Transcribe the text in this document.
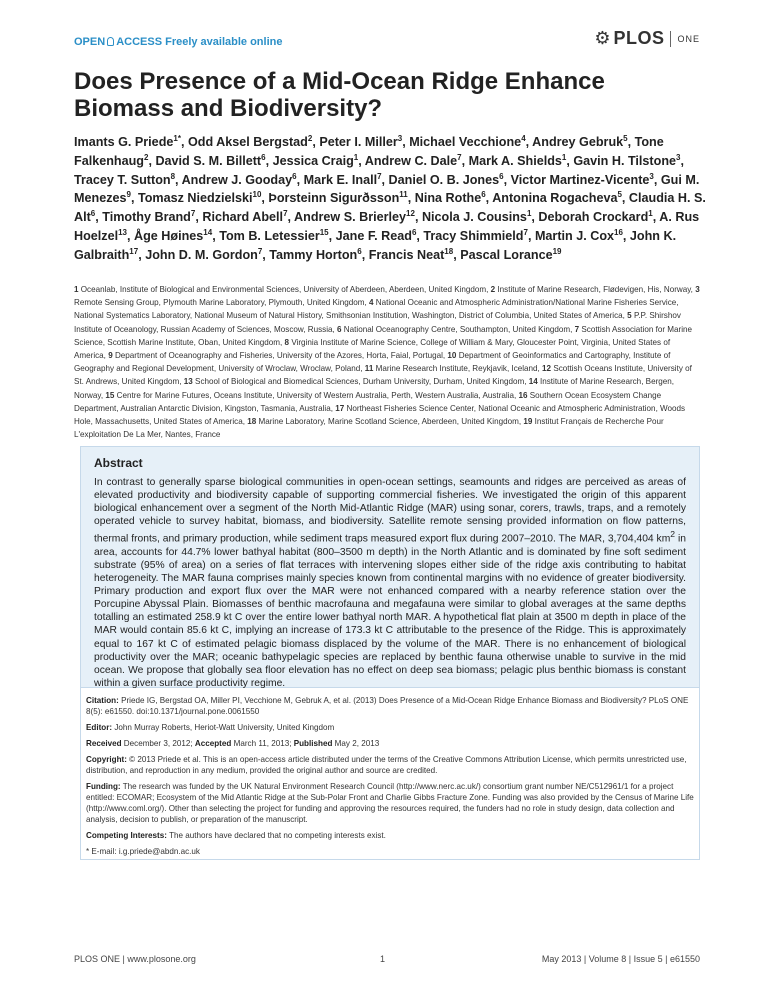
OPEN ACCESS Freely available online	⚙ PLOS ONE
Does Presence of a Mid-Ocean Ridge Enhance Biomass and Biodiversity?

Imants G. Priede$^{1*}$, Odd Aksel Bergstad$^2$, Peter I. Miller$^3$, Michael Vecchione$^4$, Andrey Gebruk$^5$, Tone Falkenhaug$^2$, David S. M. Billett$^6$, Jessica Craig$^1$, Andrew C. Dale$^7$, Mark A. Shields$^1$, Gavin H. Tilstone$^3$, Tracey T. Sutton$^8$, Andrew J. Gooday$^6$, Mark E. Inall$^7$, Daniel O. B. Jones$^6$, Victor Martinez-Vicente$^3$, Gui M. Menezes$^9$, Tomasz Niedzielski$^{10}$, Þorsteinn Sigurðsson$^{11}$, Nina Rothe$^6$, Antonina Rogacheva$^5$, Claudia H. S. Alt$^6$, Timothy Brand$^7$, Richard Abell$^7$, Andrew S. Brierley$^{12}$, Nicola J. Cousins$^1$, Deborah Crockard$^1$, A. Rus Hoelzel$^{13}$, Åge Høines$^{14}$, Tom B. Letessier$^{15}$, Jane F. Read$^6$, Tracy Shimmield$^7$, Martin J. Cox$^{16}$, John K. Galbraith$^{17}$, John D. M. Gordon$^7$, Tammy Horton$^6$, Francis Neat$^{18}$, Pascal Lorance$^{19}$

1 Oceanlab, Institute of Biological and Environmental Sciences, University of Aberdeen, Aberdeen, United Kingdom, 2 Institute of Marine Research, Flødevigen, His, Norway, 3 Remote Sensing Group, Plymouth Marine Laboratory, Plymouth, United Kingdom, 4 National Oceanic and Atmospheric Administration/National Marine Fisheries Service, National Systematics Laboratory, National Museum of Natural History, Smithsonian Institution, Washington, District of Columbia, United States of America, 5 P.P. Shirshov Institute of Oceanology, Russian Academy of Sciences, Moscow, Russia, 6 National Oceanography Centre, Southampton, United Kingdom, 7 Scottish Association for Marine Science, Scottish Marine Institute, Oban, United Kingdom, 8 Virginia Institute of Marine Science, College of William & Mary, Gloucester Point, Virginia, United States of America, 9 Department of Oceanography and Fisheries, University of the Azores, Horta, Faial, Portugal, 10 Department of Geoinformatics and Cartography, Institute of Geography and Regional Development, University of Wroclaw, Wroclaw, Poland, 11 Marine Research Institute, Reykjavik, Iceland, 12 Scottish Oceans Institute, University of St. Andrews, United Kingdom, 13 School of Biological and Biomedical Sciences, Durham University, Durham, United Kingdom, 14 Institute of Marine Research, Bergen, Norway, 15 Centre for Marine Futures, Oceans Institute, University of Western Australia, Perth, Western Australia, Australia, 16 Southern Ocean Ecosystem Change Department, Australian Antarctic Division, Kingston, Tasmania, Australia, 17 Northeast Fisheries Science Center, National Oceanic and Atmospheric Administration, Woods Hole, Massachusetts, United States of America, 18 Marine Laboratory, Marine Scotland Science, Aberdeen, United Kingdom, 19 Institut Français de Recherche Pour L'exploitation De La Mer, Nantes, France

Abstract

In contrast to generally sparse biological communities in open-ocean settings, seamounts and ridges are perceived as areas of elevated productivity and biodiversity capable of supporting commercial fisheries. We investigated the origin of this apparent biological enhancement over a segment of the North Mid-Atlantic Ridge (MAR) using sonar, corers, trawls, traps, and a remotely operated vehicle to survey habitat, biomass, and biodiversity. Satellite remote sensing provided information on flow patterns, thermal fronts, and primary production, while sediment traps measured export flux during 2007–2010. The MAR, 3,704,404 $km^2$ in area, accounts for 44.7% lower bathyal habitat (800–3500 m depth) in the North Atlantic and is dominated by fine soft sediment substrate (95% of area) on a series of flat terraces with intervening slopes either side of the ridge axis contributing to habitat heterogeneity. The MAR fauna comprises mainly species known from continental margins with no evidence of greater biodiversity. Primary production and export flux over the MAR were not enhanced compared with a nearby reference station over the Porcupine Abyssal Plain. Biomasses of benthic macrofauna and megafauna were similar to global averages at the same depths totalling an estimated 258.9 kt C over the entire lower bathyal north MAR. A hypothetical flat plain at 3500 m depth in place of the MAR would contain 85.6 kt C, implying an increase of 173.3 kt C attributable to the presence of the Ridge. This is approximately equal to 167 kt C of estimated pelagic biomass displaced by the volume of the MAR. There is no enhancement of biological productivity over the MAR; oceanic bathypelagic species are replaced by benthic fauna otherwise unable to survive in the mid ocean. We propose that globally sea floor elevation has no effect on deep sea biomass; pelagic plus benthic biomass is constant within a given surface productivity regime.

Citation: Priede IG, Bergstad OA, Miller PI, Vecchione M, Gebruk A, et al. (2013) Does Presence of a Mid-Ocean Ridge Enhance Biomass and Biodiversity? PLoS ONE 8(5): e61550. doi:10.1371/journal.pone.0061550

Editor: John Murray Roberts, Heriot-Watt University, United Kingdom

Received December 3, 2012; Accepted March 11, 2013; Published May 2, 2013

Copyright: © 2013 Priede et al. This is an open-access article distributed under the terms of the Creative Commons Attribution License, which permits unrestricted use, distribution, and reproduction in any medium, provided the original author and source are credited.

Funding: The research was funded by the UK Natural Environment Research Council (http://www.nerc.ac.uk/) consortium grant number NE/C512961/1 for a project entitled: ECOMAR; Ecosystem of the Mid Atlantic Ridge at the Sub-Polar Front and Charlie Gibbs Fracture Zone. Funding was also provided by the Census of Marine Life (http://www.coml.org/). Other than selecting the project for funding and approving the resources required, the funders had no role in study design, data collection and analysis, decision to publish, or preparation of the manuscript.

Competing Interests: The authors have declared that no competing interests exist.

* E-mail: i.g.priede@abdn.ac.uk

PLOS ONE | www.plosone.org	1	May 2013 | Volume 8 | Issue 5 | e61550
